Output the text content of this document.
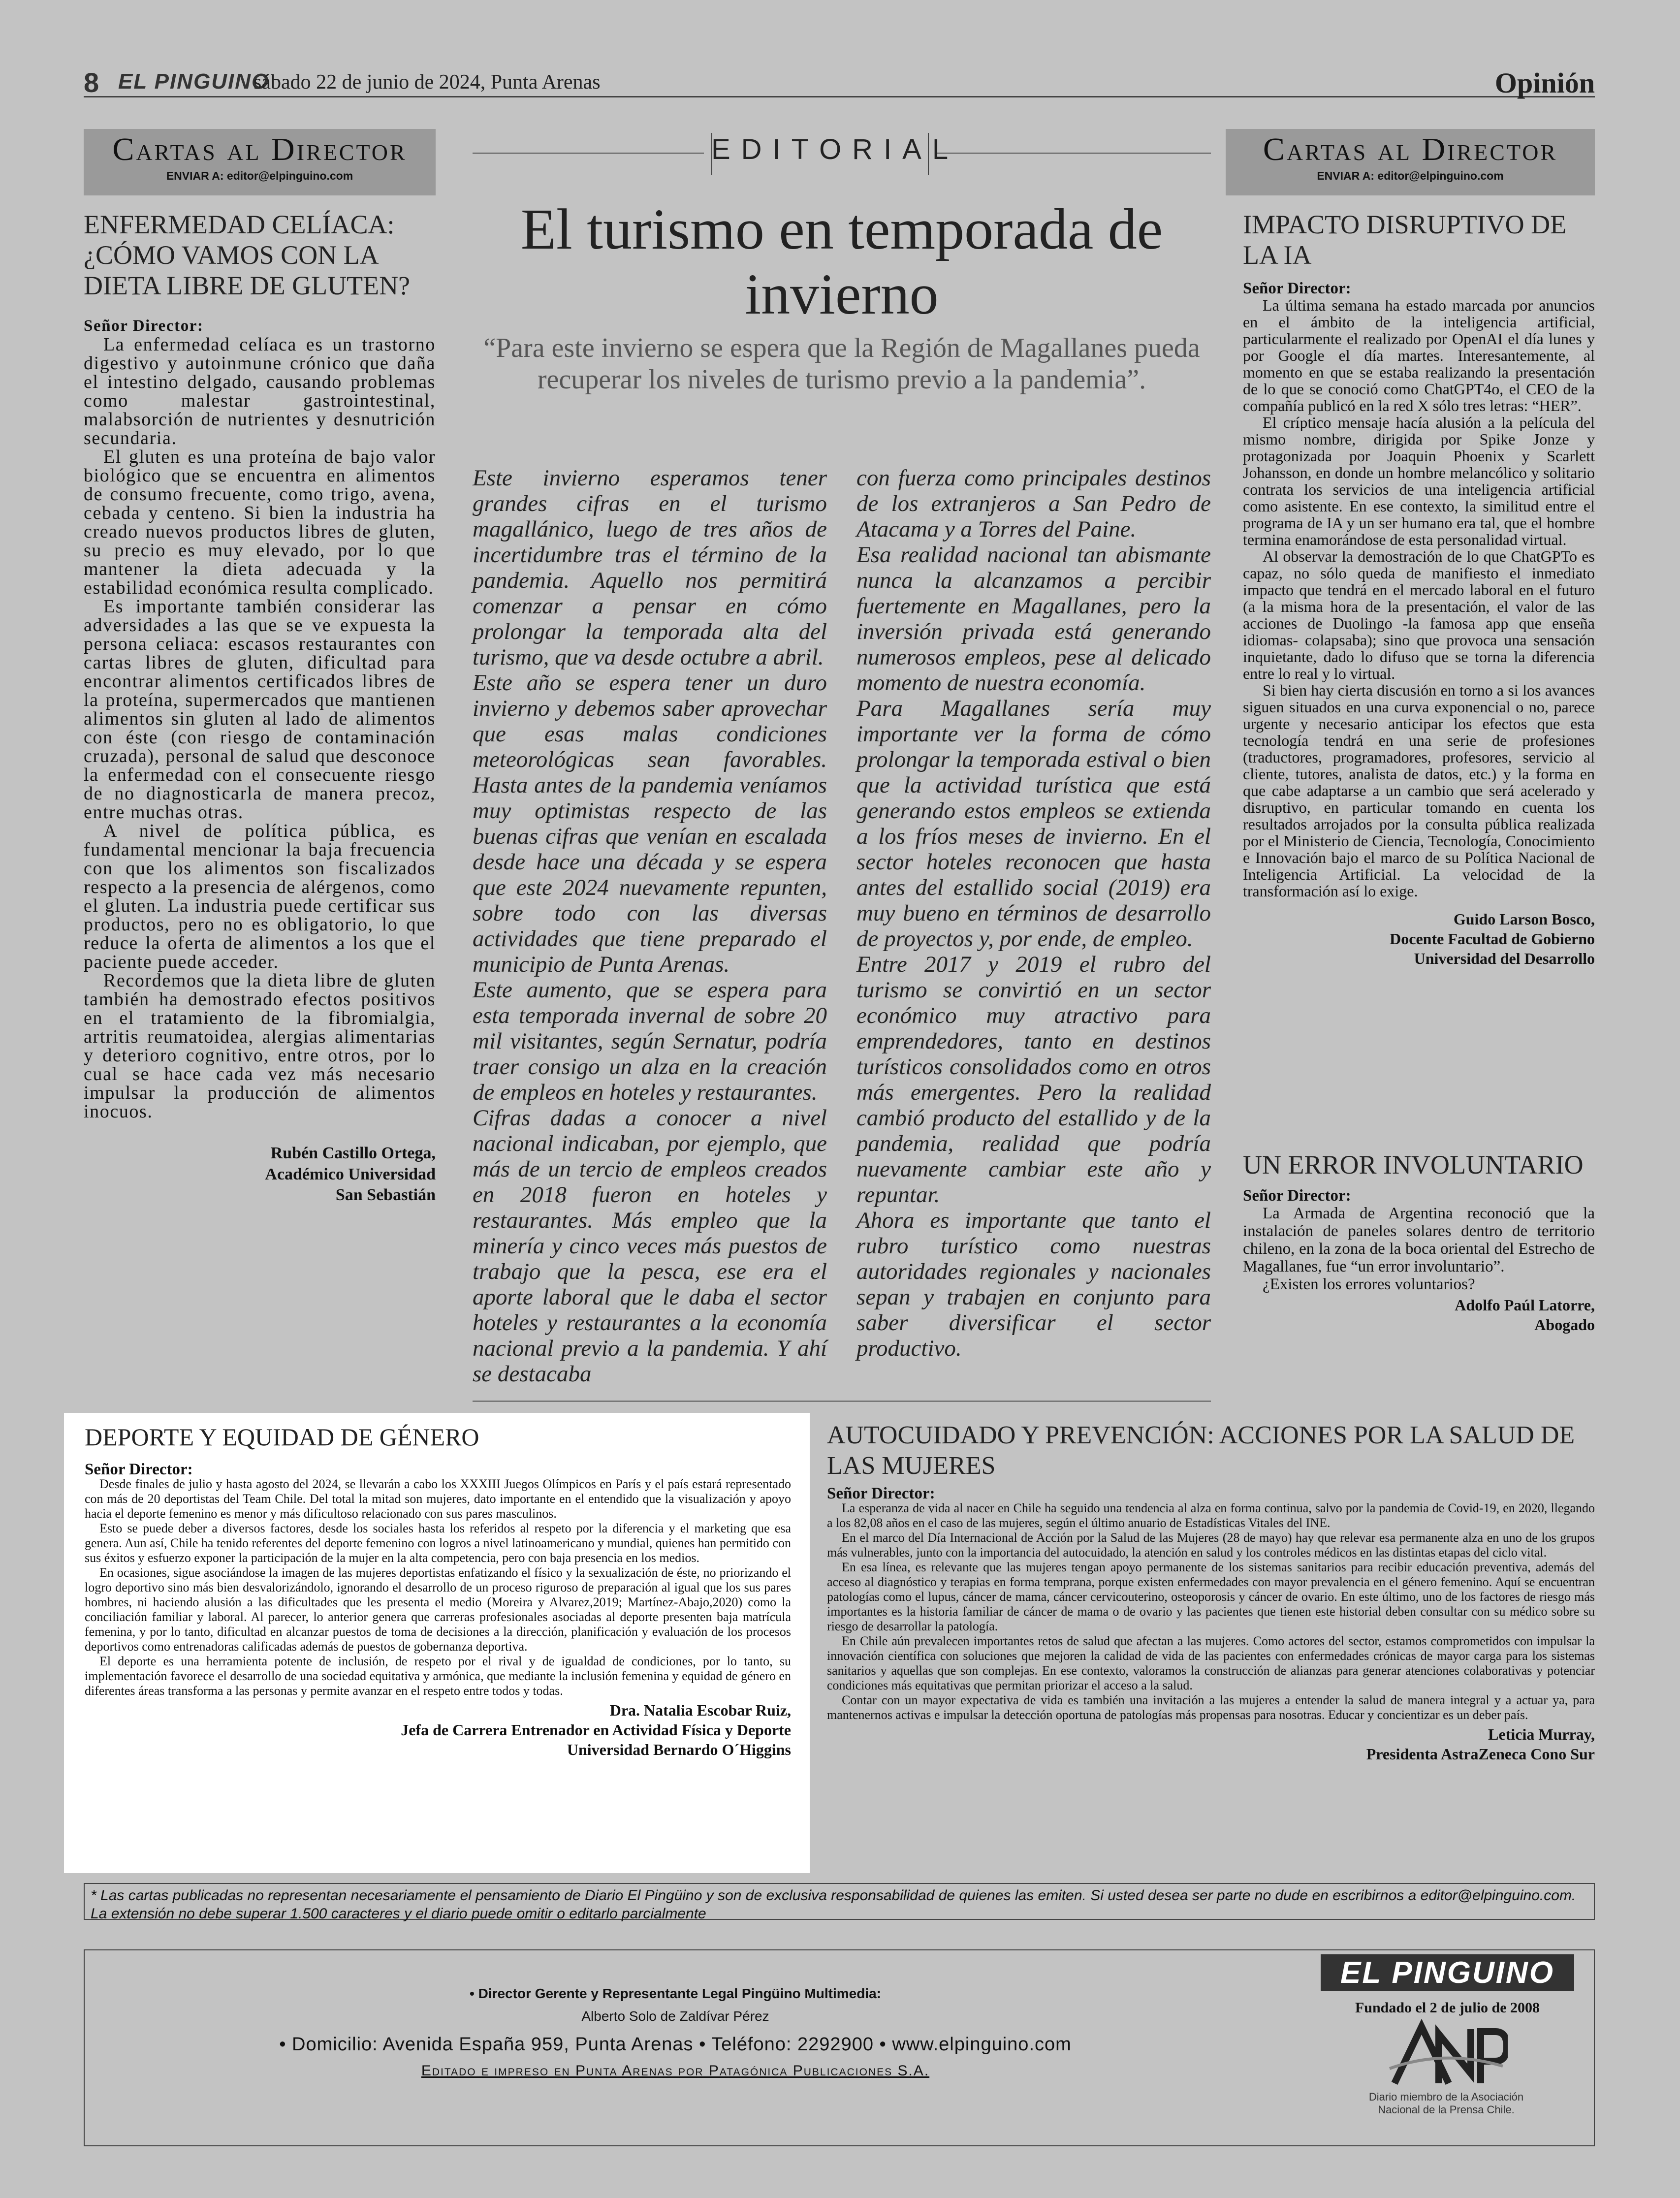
8 EL PINGUINO
sábado 22 de junio de 2024, Punta Arenas	Opinión
Cartas al Director
ENVIAR A: editor@elpinguino.com
ENFERMEDAD CELÍACA: ¿CÓMO VAMOS CON LA DIETA LIBRE DE GLUTEN?
Señor Director:

La enfermedad celíaca es un trastorno digestivo y autoinmune crónico que daña el intestino delgado, causando problemas como malestar gastrointestinal, malabsorción de nutrientes y desnutrición secundaria.

El gluten es una proteína de bajo valor biológico que se encuentra en alimentos de consumo frecuente, como trigo, avena, cebada y centeno. Si bien la industria ha creado nuevos productos libres de gluten, su precio es muy elevado, por lo que mantener la dieta adecuada y la estabilidad económica resulta complicado.

Es importante también considerar las adversidades a las que se ve expuesta la persona celiaca: escasos restaurantes con cartas libres de gluten, dificultad para encontrar alimentos certificados libres de la proteína, supermercados que mantienen alimentos sin gluten al lado de alimentos con éste (con riesgo de contaminación cruzada), personal de salud que desconoce la enfermedad con el consecuente riesgo de no diagnosticarla de manera precoz, entre muchas otras.

A nivel de política pública, es fundamental mencionar la baja frecuencia con que los alimentos son fiscalizados respecto a la presencia de alérgenos, como el gluten. La industria puede certificar sus productos, pero no es obligatorio, lo que reduce la oferta de alimentos a los que el paciente puede acceder.

Recordemos que la dieta libre de gluten también ha demostrado efectos positivos en el tratamiento de la fibromialgia, artritis reumatoidea, alergias alimentarias y deterioro cognitivo, entre otros, por lo cual se hace cada vez más necesario impulsar la producción de alimentos inocuos.

Rubén Castillo Ortega,
Académico Universidad
San Sebastián
EDITORIAL
El turismo en temporada de invierno
“Para este invierno se espera que la Región de Magallanes pueda recuperar los niveles de turismo previo a la pandemia”.

Este invierno esperamos tener grandes cifras en el turismo magallánico, luego de tres años de incertidumbre tras el término de la pandemia. Aquello nos permitirá comenzar a pensar en cómo prolongar la temporada alta del turismo, que va desde octubre a abril.

Este año se espera tener un duro invierno y debemos saber aprovechar que esas malas condiciones meteorológicas sean favorables. Hasta antes de la pandemia veníamos muy optimistas respecto de las buenas cifras que venían en escalada desde hace una década y se espera que este 2024 nuevamente repunten, sobre todo con las diversas actividades que tiene preparado el municipio de Punta Arenas.

Este aumento, que se espera para esta temporada invernal de sobre 20 mil visitantes, según Sernatur, podría traer consigo un alza en la creación de empleos en hoteles y restaurantes.

Cifras dadas a conocer a nivel nacional indicaban, por ejemplo, que más de un tercio de empleos creados en 2018 fueron en hoteles y restaurantes. Más empleo que la minería y cinco veces más puestos de trabajo que la pesca, ese era el aporte laboral que le daba el sector hoteles y restaurantes a la economía nacional previo a la pandemia. Y ahí se destacaba

con fuerza como principales destinos de los extranjeros a San Pedro de Atacama y a Torres del Paine.

Esa realidad nacional tan abismante nunca la alcanzamos a percibir fuertemente en Magallanes, pero la inversión privada está generando numerosos empleos, pese al delicado momento de nuestra economía.

Para Magallanes sería muy importante ver la forma de cómo prolongar la temporada estival o bien que la actividad turística que está generando estos empleos se extienda a los fríos meses de invierno. En el sector hoteles reconocen que hasta antes del estallido social (2019) era muy bueno en términos de desarrollo de proyectos y, por ende, de empleo.

Entre 2017 y 2019 el rubro del turismo se convirtió en un sector económico muy atractivo para emprendedores, tanto en destinos turísticos consolidados como en otros más emergentes. Pero la realidad cambió producto del estallido y de la pandemia, realidad que podría nuevamente cambiar este año y repuntar.

Ahora es importante que tanto el rubro turístico como nuestras autoridades regionales y nacionales sepan y trabajen en conjunto para saber diversificar el sector productivo.

Cartas al Director
ENVIAR A: editor@elpinguino.com
IMPACTO DISRUPTIVO DE LA IA
Señor Director:

La última semana ha estado marcada por anuncios en el ámbito de la inteligencia artificial, particularmente el realizado por OpenAI el día lunes y por Google el día martes. Interesantemente, al momento en que se estaba realizando la presentación de lo que se conoció como ChatGPT4o, el CEO de la compañía publicó en la red X sólo tres letras: “HER”.

El críptico mensaje hacía alusión a la película del mismo nombre, dirigida por Spike Jonze y protagonizada por Joaquin Phoenix y Scarlett Johansson, en donde un hombre melancólico y solitario contrata los servicios de una inteligencia artificial como asistente. En ese contexto, la similitud entre el programa de IA y un ser humano era tal, que el hombre termina enamorándose de esta personalidad virtual.

Al observar la demostración de lo que ChatGPTo es capaz, no sólo queda de manifiesto el inmediato impacto que tendrá en el mercado laboral en el futuro (a la misma hora de la presentación, el valor de las acciones de Duolingo -la famosa app que enseña idiomas- colapsaba); sino que provoca una sensación inquietante, dado lo difuso que se torna la diferencia entre lo real y lo virtual.

Si bien hay cierta discusión en torno a si los avances siguen situados en una curva exponencial o no, parece urgente y necesario anticipar los efectos que esta tecnología tendrá en una serie de profesiones (traductores, programadores, profesores, servicio al cliente, tutores, analista de datos, etc.) y la forma en que cabe adaptarse a un cambio que será acelerado y disruptivo, en particular tomando en cuenta los resultados arrojados por la consulta pública realizada por el Ministerio de Ciencia, Tecnología, Conocimiento e Innovación bajo el marco de su Política Nacional de Inteligencia Artificial. La velocidad de la transformación así lo exige.

Guido Larson Bosco,
Docente Facultad de Gobierno
Universidad del Desarrollo
UN ERROR INVOLUNTARIO
Señor Director:

La Armada de Argentina reconoció que la instalación de paneles solares dentro de territorio chileno, en la zona de la boca oriental del Estrecho de Magallanes, fue “un error involuntario”.

¿Existen los errores voluntarios?

Adolfo Paúl Latorre,
Abogado
DEPORTE Y EQUIDAD DE GÉNERO
Señor Director:

Desde finales de julio y hasta agosto del 2024, se llevarán a cabo los XXXIII Juegos Olímpicos en París y el país estará representado con más de 20 deportistas del Team Chile. Del total la mitad son mujeres, dato importante en el entendido que la visualización y apoyo hacia el deporte femenino es menor y más dificultoso relacionado con sus pares masculinos.

Esto se puede deber a diversos factores, desde los sociales hasta los referidos al respeto por la diferencia y el marketing que esa genera. Aun así, Chile ha tenido referentes del deporte femenino con logros a nivel latinoamericano y mundial, quienes han permitido con sus éxitos y esfuerzo exponer la participación de la mujer en la alta competencia, pero con baja presencia en los medios.

En ocasiones, sigue asociándose la imagen de las mujeres deportistas enfatizando el físico y la sexualización de éste, no priorizando el logro deportivo sino más bien desvalorizándolo, ignorando el desarrollo de un proceso riguroso de preparación al igual que los sus pares hombres, ni haciendo alusión a las dificultades que les presenta el medio (Moreira y Alvarez,2019; Martínez-Abajo,2020) como la conciliación familiar y laboral. Al parecer, lo anterior genera que carreras profesionales asociadas al deporte presenten baja matrícula femenina, y por lo tanto, dificultad en alcanzar puestos de toma de decisiones a la dirección, planificación y evaluación de los procesos deportivos como entrenadoras calificadas además de puestos de gobernanza deportiva.

El deporte es una herramienta potente de inclusión, de respeto por el rival y de igualdad de condiciones, por lo tanto, su implementación favorece el desarrollo de una sociedad equitativa y armónica, que mediante la inclusión femenina y equidad de género en diferentes áreas transforma a las personas y permite avanzar en el respeto entre todos y todas.

Dra. Natalia Escobar Ruiz,
Jefa de Carrera Entrenador en Actividad Física y Deporte
Universidad Bernardo O´Higgins
AUTOCUIDADO Y PREVENCIÓN: ACCIONES POR LA SALUD DE LAS MUJERES
Señor Director:

La esperanza de vida al nacer en Chile ha seguido una tendencia al alza en forma continua, salvo por la pandemia de Covid-19, en 2020, llegando a los 82,08 años en el caso de las mujeres, según el último anuario de Estadísticas Vitales del INE.

En el marco del Día Internacional de Acción por la Salud de las Mujeres (28 de mayo) hay que relevar esa permanente alza en uno de los grupos más vulnerables, junto con la importancia del autocuidado, la atención en salud y los controles médicos en las distintas etapas del ciclo vital.

En esa línea, es relevante que las mujeres tengan apoyo permanente de los sistemas sanitarios para recibir educación preventiva, además del acceso al diagnóstico y terapias en forma temprana, porque existen enfermedades con mayor prevalencia en el género femenino. Aquí se encuentran patologías como el lupus, cáncer de mama, cáncer cervicouterino, osteoporosis y cáncer de ovario. En este último, uno de los factores de riesgo más importantes es la historia familiar de cáncer de mama o de ovario y las pacientes que tienen este historial deben consultar con su médico sobre su riesgo de desarrollar la patología.

En Chile aún prevalecen importantes retos de salud que afectan a las mujeres. Como actores del sector, estamos comprometidos con impulsar la innovación científica con soluciones que mejoren la calidad de vida de las pacientes con enfermedades crónicas de mayor carga para los sistemas sanitarios y aquellas que son complejas. En ese contexto, valoramos la construcción de alianzas para generar atenciones colaborativas y potenciar condiciones más equitativas que permitan priorizar el acceso a la salud.

Contar con un mayor expectativa de vida es también una invitación a las mujeres a entender la salud de manera integral y a actuar ya, para mantenernos activas e impulsar la detección oportuna de patologías más propensas para nosotras. Educar y concientizar es un deber país.

Leticia Murray,
Presidenta AstraZeneca Cono Sur
* Las cartas publicadas no representan necesariamente el pensamiento de Diario El Pingüino y son de exclusiva responsabilidad de quienes las emiten. Si usted desea ser parte no dude en escribirnos a editor@elpinguino.com. La extensión no debe superar 1.500 caracteres y el diario puede omitir o editarlo parcialmente
• Director Gerente y Representante Legal Pingüino Multimedia:
Alberto Solo de Zaldívar Pérez
• Domicilio: Avenida España 959, Punta Arenas • Teléfono: 2292900 • www.elpinguino.com
Editado e impreso en Punta Arenas por Patagónica Publicaciones S.A.
EL PINGUINO
Fundado el 2 de julio de 2008
Diario miembro de la Asociación
Nacional de la Prensa Chile.
